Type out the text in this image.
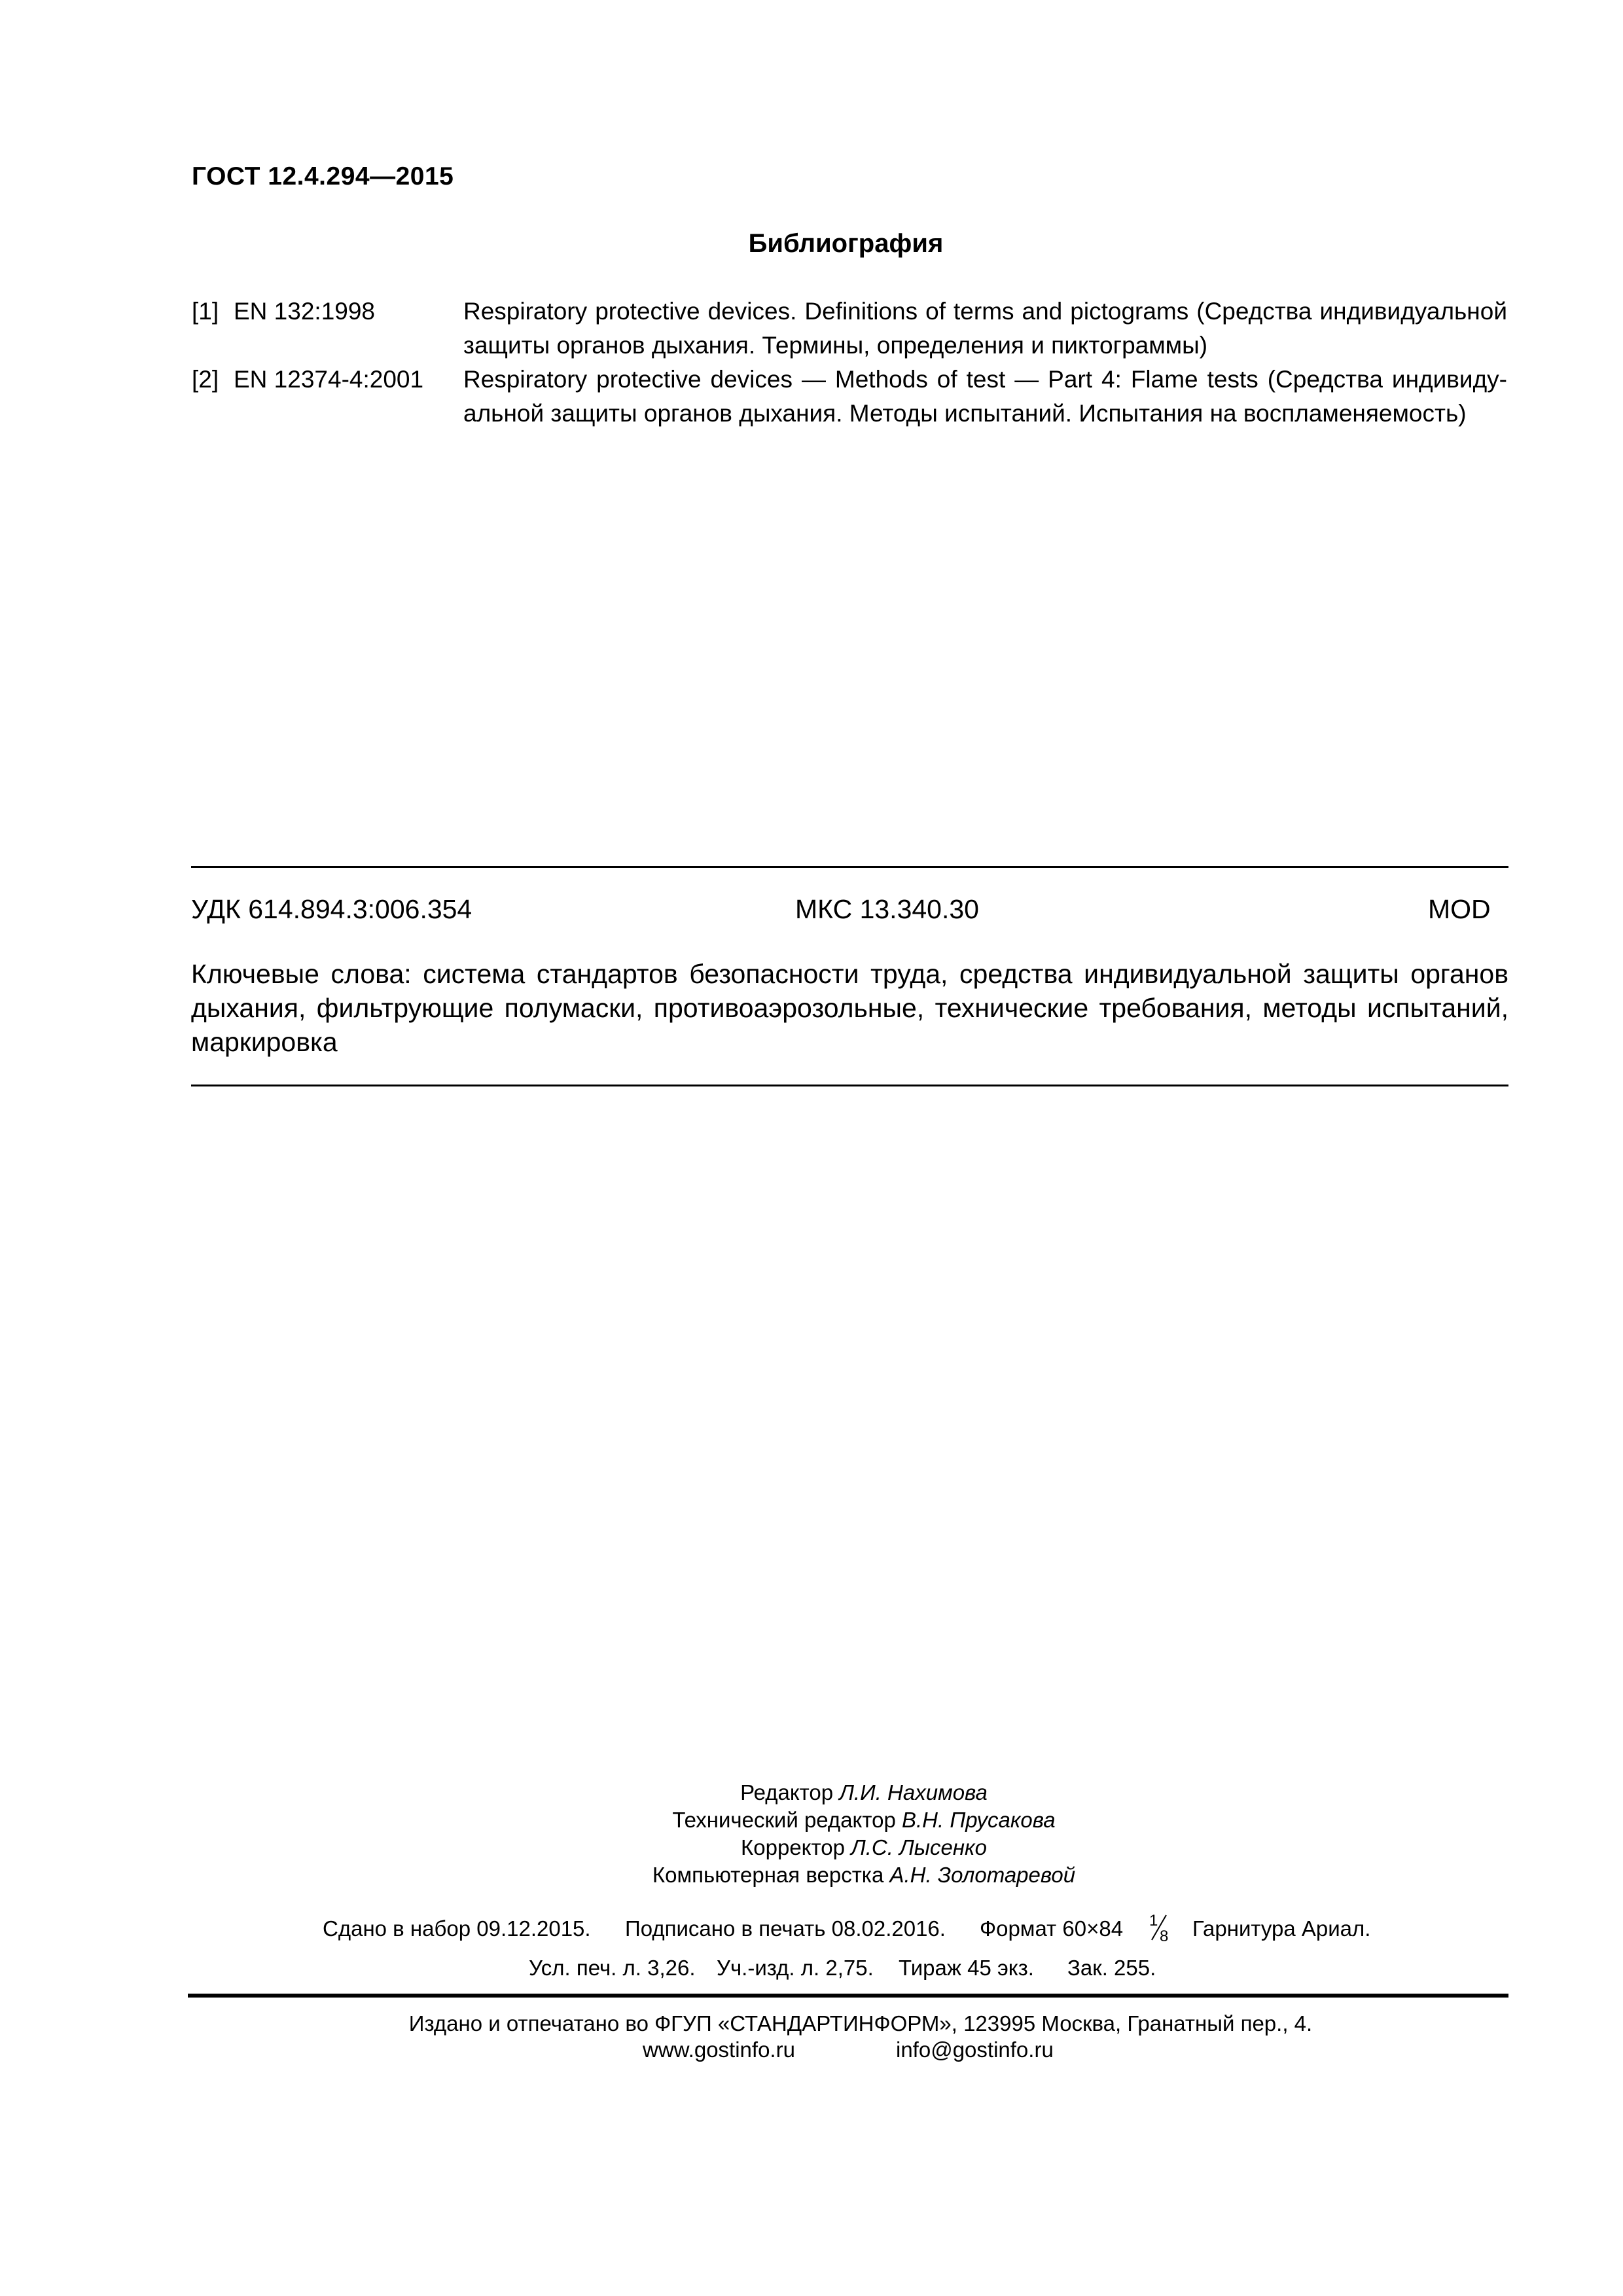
ГОСТ 12.4.294—2015
Библиография
[1] EN 132:1998	Respiratory protective devices. Definitions of terms and pictograms (Средства индивидуальной защиты органов дыхания. Термины, определения и пиктограммы)
[2] EN 12374-4:2001 Respiratory protective devices — Methods of test — Part 4: Flame tests (Средства индивиду-альной защиты органов дыхания. Методы испытаний. Испытания на воспламеняемость)
УДК 614.894.3:006.354	МКС 13.340.30	MOD
Ключевые слова: система стандартов безопасности труда, средства индивидуальной защиты органов дыхания, фильтрующие полумаски, противоаэрозольные, технические требования, методы испытаний, маркировка
Редактор Л.И. Нахимова
Технический редактор В.Н. Прусакова
Корректор Л.С. Лысенко
Компьютерная верстка А.Н. Золотаревой
Сдано в набор 09.12.2015. Подписано в печать 08.02.2016. Формат 60×84	Гарнитура Ариал.
1
8
Усл. печ. л. 3,26. Уч.-изд. л. 2,75. Тираж 45 экз. Зак. 255.
Издано и отпечатано во ФГУП «СТАНДАРТИНФОРМ», 123995 Москва, Гранатный пер., 4.
www.gostinfo.ru	info@gostinfo.ru
